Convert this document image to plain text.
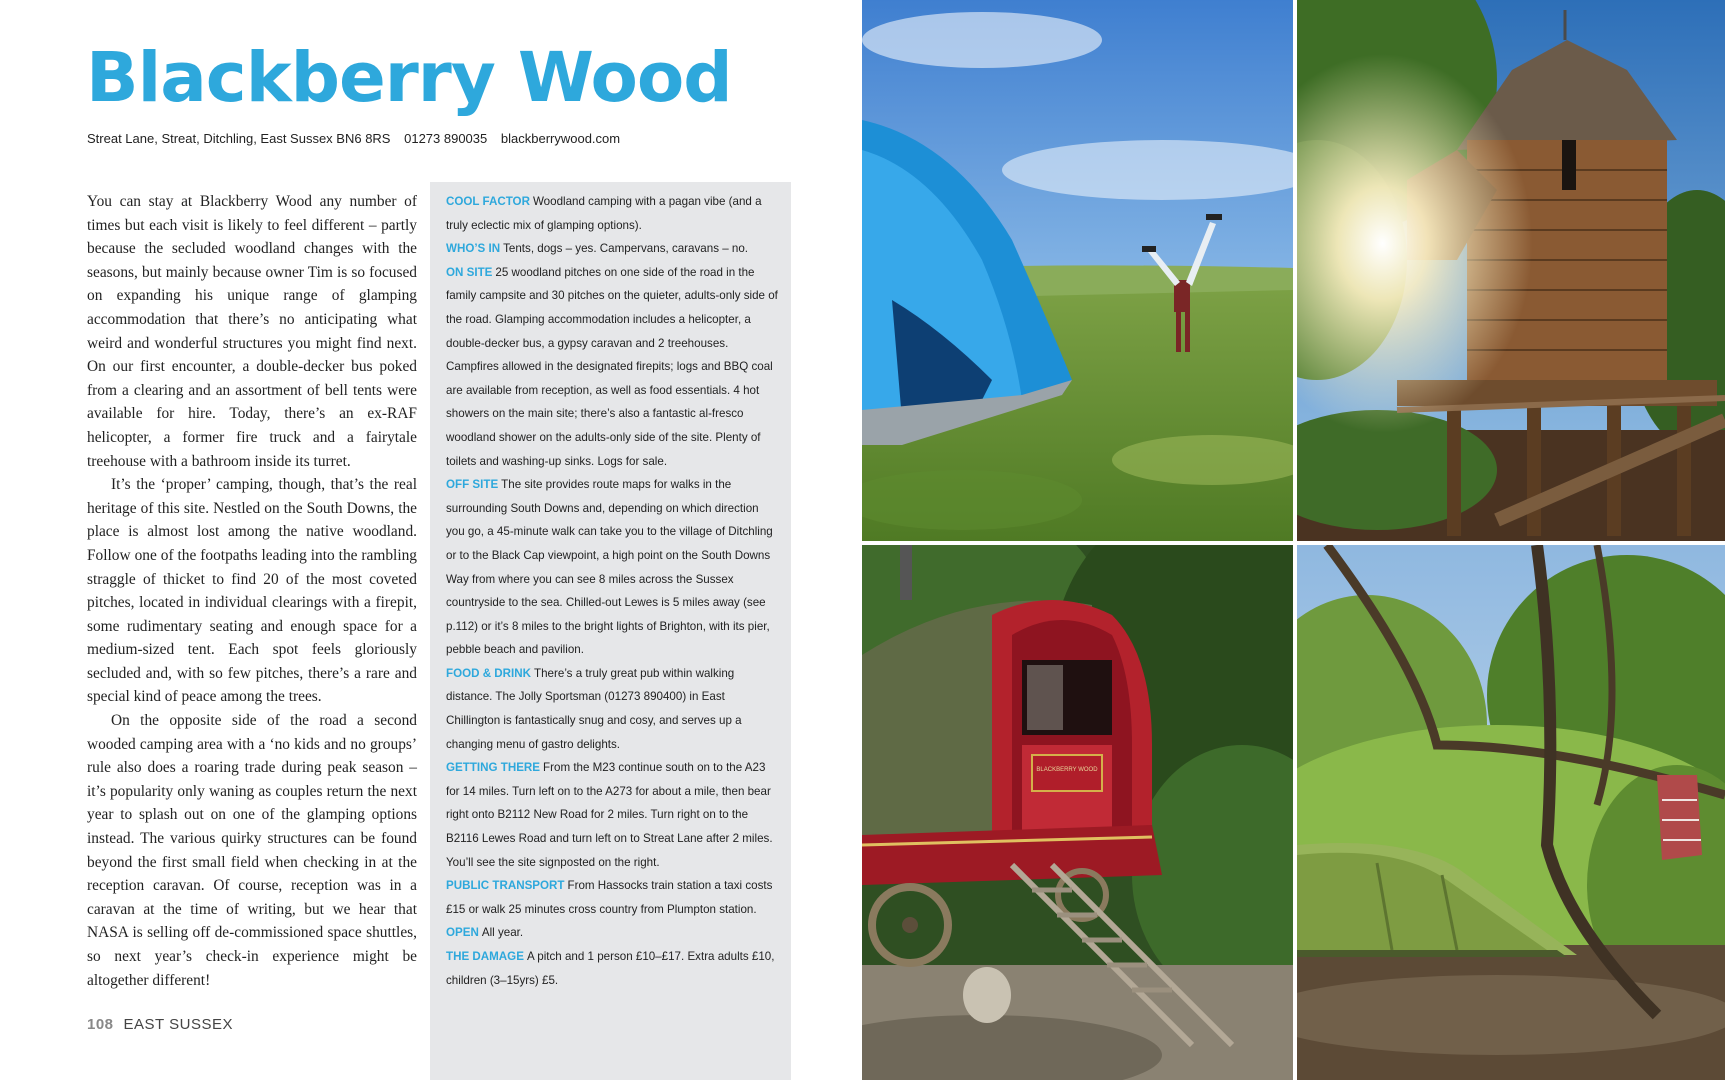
Blackberry Wood
Streat Lane, Streat, Ditchling, East Sussex BN6 8RS 01273 890035 blackberrywood.com

You can stay at Blackberry Wood any number of times but each visit is likely to feel different – partly because the secluded woodland changes with the seasons, but mainly because owner Tim is so focused on expanding his unique range of glamping accommodation that there’s no anticipating what weird and wonderful structures you might find next. On our first encounter, a double-decker bus poked from a clearing and an assortment of bell tents were available for hire. Today, there’s an ex-RAF helicopter, a former fire truck and a fairytale treehouse with a bathroom inside its turret.

It’s the ‘proper’ camping, though, that’s the real heritage of this site. Nestled on the South Downs, the place is almost lost among the native woodland. Follow one of the footpaths leading into the rambling straggle of thicket to find 20 of the most coveted pitches, located in individual clearings with a firepit, some rudimentary seating and enough space for a medium-sized tent. Each spot feels gloriously secluded and, with so few pitches, there’s a rare and special kind of peace among the trees.

On the opposite side of the road a second wooded camping area with a ‘no kids and no groups’ rule also does a roaring trade during peak season – it’s popularity only waning as couples return the next year to splash out on one of the glamping options instead. The various quirky structures can be found beyond the first small field when checking in at the reception caravan. Of course, reception was in a caravan at the time of writing, but we hear that NASA is selling off de-commissioned space shuttles, so next year’s check-in experience might be altogether different!

COOL FACTOR Woodland camping with a pagan vibe (and a truly eclectic mix of glamping options).

WHO’S IN Tents, dogs – yes. Campervans, caravans – no.

ON SITE 25 woodland pitches on one side of the road in the family campsite and 30 pitches on the quieter, adults-only side of the road. Glamping accommodation includes a helicopter, a double-decker bus, a gypsy caravan and 2 treehouses. Campfires allowed in the designated firepits; logs and BBQ coal are available from reception, as well as food essentials. 4 hot showers on the main site; there’s also a fantastic al-fresco woodland shower on the adults-only side of the site. Plenty of toilets and washing-up sinks. Logs for sale.

OFF SITE The site provides route maps for walks in the surrounding South Downs and, depending on which direction you go, a 45-minute walk can take you to the village of Ditchling or to the Black Cap viewpoint, a high point on the South Downs Way from where you can see 8 miles across the Sussex countryside to the sea. Chilled-out Lewes is 5 miles away (see p.112) or it’s 8 miles to the bright lights of Brighton, with its pier, pebble beach and pavilion.

FOOD & DRINK There’s a truly great pub within walking distance. The Jolly Sportsman (01273 890400) in East Chillington is fantastically snug and cosy, and serves up a changing menu of gastro delights.

GETTING THERE From the M23 continue south on to the A23 for 14 miles. Turn left on to the A273 for about a mile, then bear right onto B2112 New Road for 2 miles. Turn right on to the B2116 Lewes Road and turn left on to Streat Lane after 2 miles. You’ll see the site signposted on the right.

PUBLIC TRANSPORT From Hassocks train station a taxi costs £15 or walk 25 minutes cross country from Plumpton station.

OPEN All year.

THE DAMAGE A pitch and 1 person £10–£17. Extra adults £10, children (3–15yrs) £5.

108 EAST SUSSEX
BLACKBERRY WOOD
